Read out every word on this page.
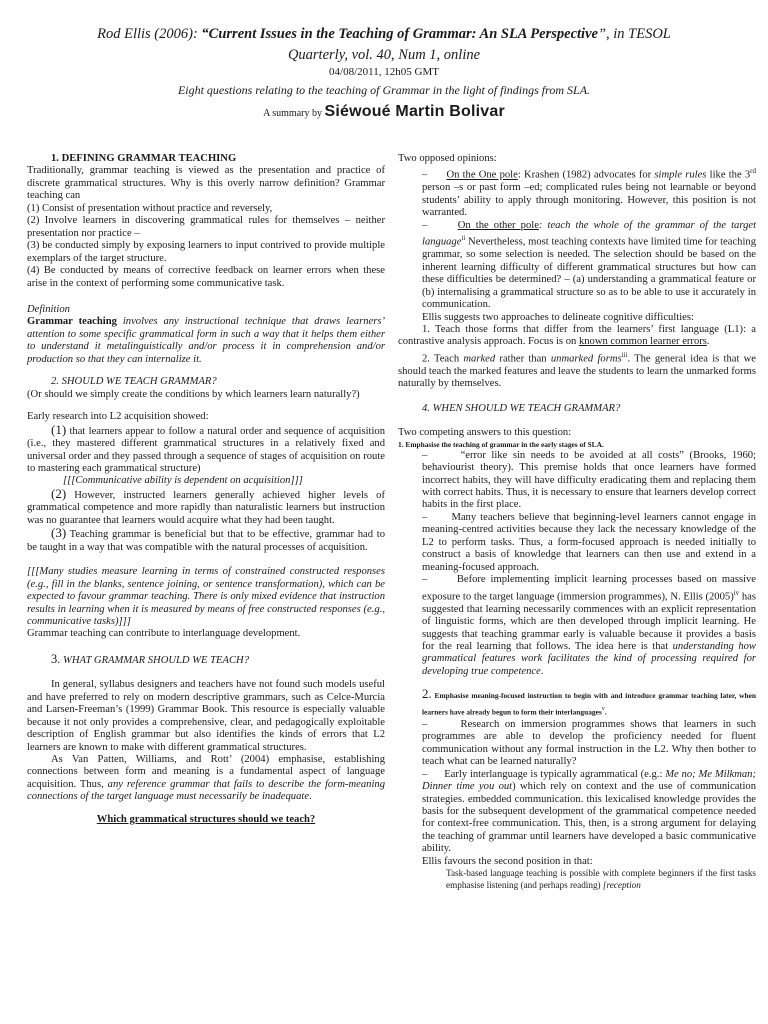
Rod Ellis (2006): “Current Issues in the Teaching of Grammar: An SLA Perspective”, in TESOL
Quarterly, vol. 40, Num 1, online
04/08/2011, 12h05 GMT
Eight questions relating to the teaching of Grammar in the light of findings from SLA.
A summary by Siéwoué Martin Bolivar

1. DEFINING GRAMMAR TEACHING

Traditionally, grammar teaching is viewed as the presentation and practice of discrete grammatical structures. Why is this overly narrow definition? Grammar teaching can

(1) Consist of presentation without practice and reversely,

(2) Involve learners in discovering grammatical rules for themselves – neither presentation nor practice –

(3) be conducted simply by exposing learners to input contrived to provide multiple exemplars of the target structure.

(4) Be conducted by means of corrective feedback on learner errors when these arise in the context of performing some communicative task.

Definition

Grammar teaching involves any instructional technique that draws learners’ attention to some specific grammatical form in such a way that it helps them either to understand it metalinguistically and/or process it in comprehension and/or production so that they can internalize it.

2. SHOULD WE TEACH GRAMMAR?

(Or should we simply create the conditions by which learners learn naturally?)

Early research into L2 acquisition showed:

(1) that learners appear to follow a natural order and sequence of acquisition (i.e., they mastered different grammatical structures in a relatively fixed and universal order and they passed through a sequence of stages of acquisition on route to mastering each grammatical structure)

[[[Communicative ability is dependent on acquisition]]]

(2) However, instructed learners generally achieved higher levels of grammatical competence and more rapidly than naturalistic learners but instruction was no guarantee that learners would acquire what they had been taught.

(3) Teaching grammar is beneficial but that to be effective, grammar had to be taught in a way that was compatible with the natural processes of acquisition.

[[[Many studies measure learning in terms of constrained constructed responses (e.g., fill in the blanks, sentence joining, or sentence transformation), which can be expected to favour grammar teaching. There is only mixed evidence that instruction results in learning when it is measured by means of free constructed responses (e.g., communicative tasks)]]]

Grammar teaching can contribute to interlanguage development.

3. WHAT GRAMMAR SHOULD WE TEACH?

In general, syllabus designers and teachers have not found such models useful and have preferred to rely on modern descriptive grammars, such as Celce-Murcia and Larsen-Freeman’s (1999) Grammar Book. This resource is especially valuable because it not only provides a comprehensive, clear, and pedagogically exploitable description of English grammar but also identifies the kinds of errors that L2 learners are known to make with different grammatical structures.

As Van Patten, Williams, and Rott’ (2004) emphasise, establishing connections between form and meaning is a fundamental aspect of language acquisition. Thus, any reference grammar that fails to describe the form-meaning connections of the target language must necessarily be inadequate.

Which grammatical structures should we teach?

Two opposed opinions:

–      On the One pole: Krashen (1982) advocates for simple rules like the 3rd person –s or past form –ed; complicated rules being not learnable or beyond students’ ability to apply through monitoring. However, this position is not warranted.

–      On the other pole: teach the whole of the grammar of the target language$^{ii}$ Nevertheless, most teaching contexts have limited time for teaching grammar, so some selection is needed. The selection should be based on the inherent learning difficulty of different grammatical structures but how can these difficulties be determined? – (a) understanding a grammatical feature or (b) internalising a grammatical structure so as to be able to use it accurately in communication.

Ellis suggests two approaches to delineate cognitive difficulties:

1. Teach those forms that differ from the learners’ first language (L1): a contrastive analysis approach. Focus is on known common learner errors.

2. Teach marked rather than unmarked forms$^{iii}$. The general idea is that we should teach the marked features and leave the students to learn the unmarked forms naturally by themselves.

4. WHEN SHOULD WE TEACH GRAMMAR?

Two competing answers to this question:

1. Emphasise the teaching of grammar in the early stages of SLA.

–      “error like sin needs to be avoided at all costs” (Brooks, 1960; behaviourist theory). This premise holds that once learners have formed incorrect habits, they will have difficulty eradicating them and replacing them with correct habits. Thus, it is necessary to ensure that learners develop correct habits in the first place.

–      Many teachers believe that beginning-level learners cannot engage in meaning-centred activities because they lack the necessary knowledge of the L2 to perform tasks. Thus, a form-focused approach is needed initially to construct a basis of knowledge that learners can then use and extend in a meaning-focused approach.

–      Before implementing implicit learning processes based on massive exposure to the target language (immersion programmes), N. Ellis $(2005)^{iv}$ has suggested that learning necessarily commences with an explicit representation of linguistic forms, which are then developed through implicit learning. He suggests that teaching grammar early is valuable because it provides a basis for the real learning that follows. The idea here is that understanding how grammatical features work facilitates the kind of processing required for developing true competence.

2. Emphasise meaning-focused instruction to begin with and introduce grammar teaching later, when learners have already begun to form their interlanguages$^v$.

–      Research on immersion programmes shows that learners in such programmes are able to develop the proficiency needed for fluent communication without any formal instruction in the L2. Why then bother to teach what can be learned naturally?

–      Early interlanguage is typically agrammatical (e.g.: Me no; Me Milkman; Dinner time you out) which rely on context and the use of communication strategies. embedded communication. this lexicalised knowledge provides the basis for the subsequent development of the grammatical competence needed for context-free communication. This, then, is a strong argument for delaying the teaching of grammar until learners have developed a basic communicative ability.

Ellis favours the second position in that:

Task-based language teaching is possible with complete beginners if the first tasks emphasise listening (and perhaps reading) [reception
